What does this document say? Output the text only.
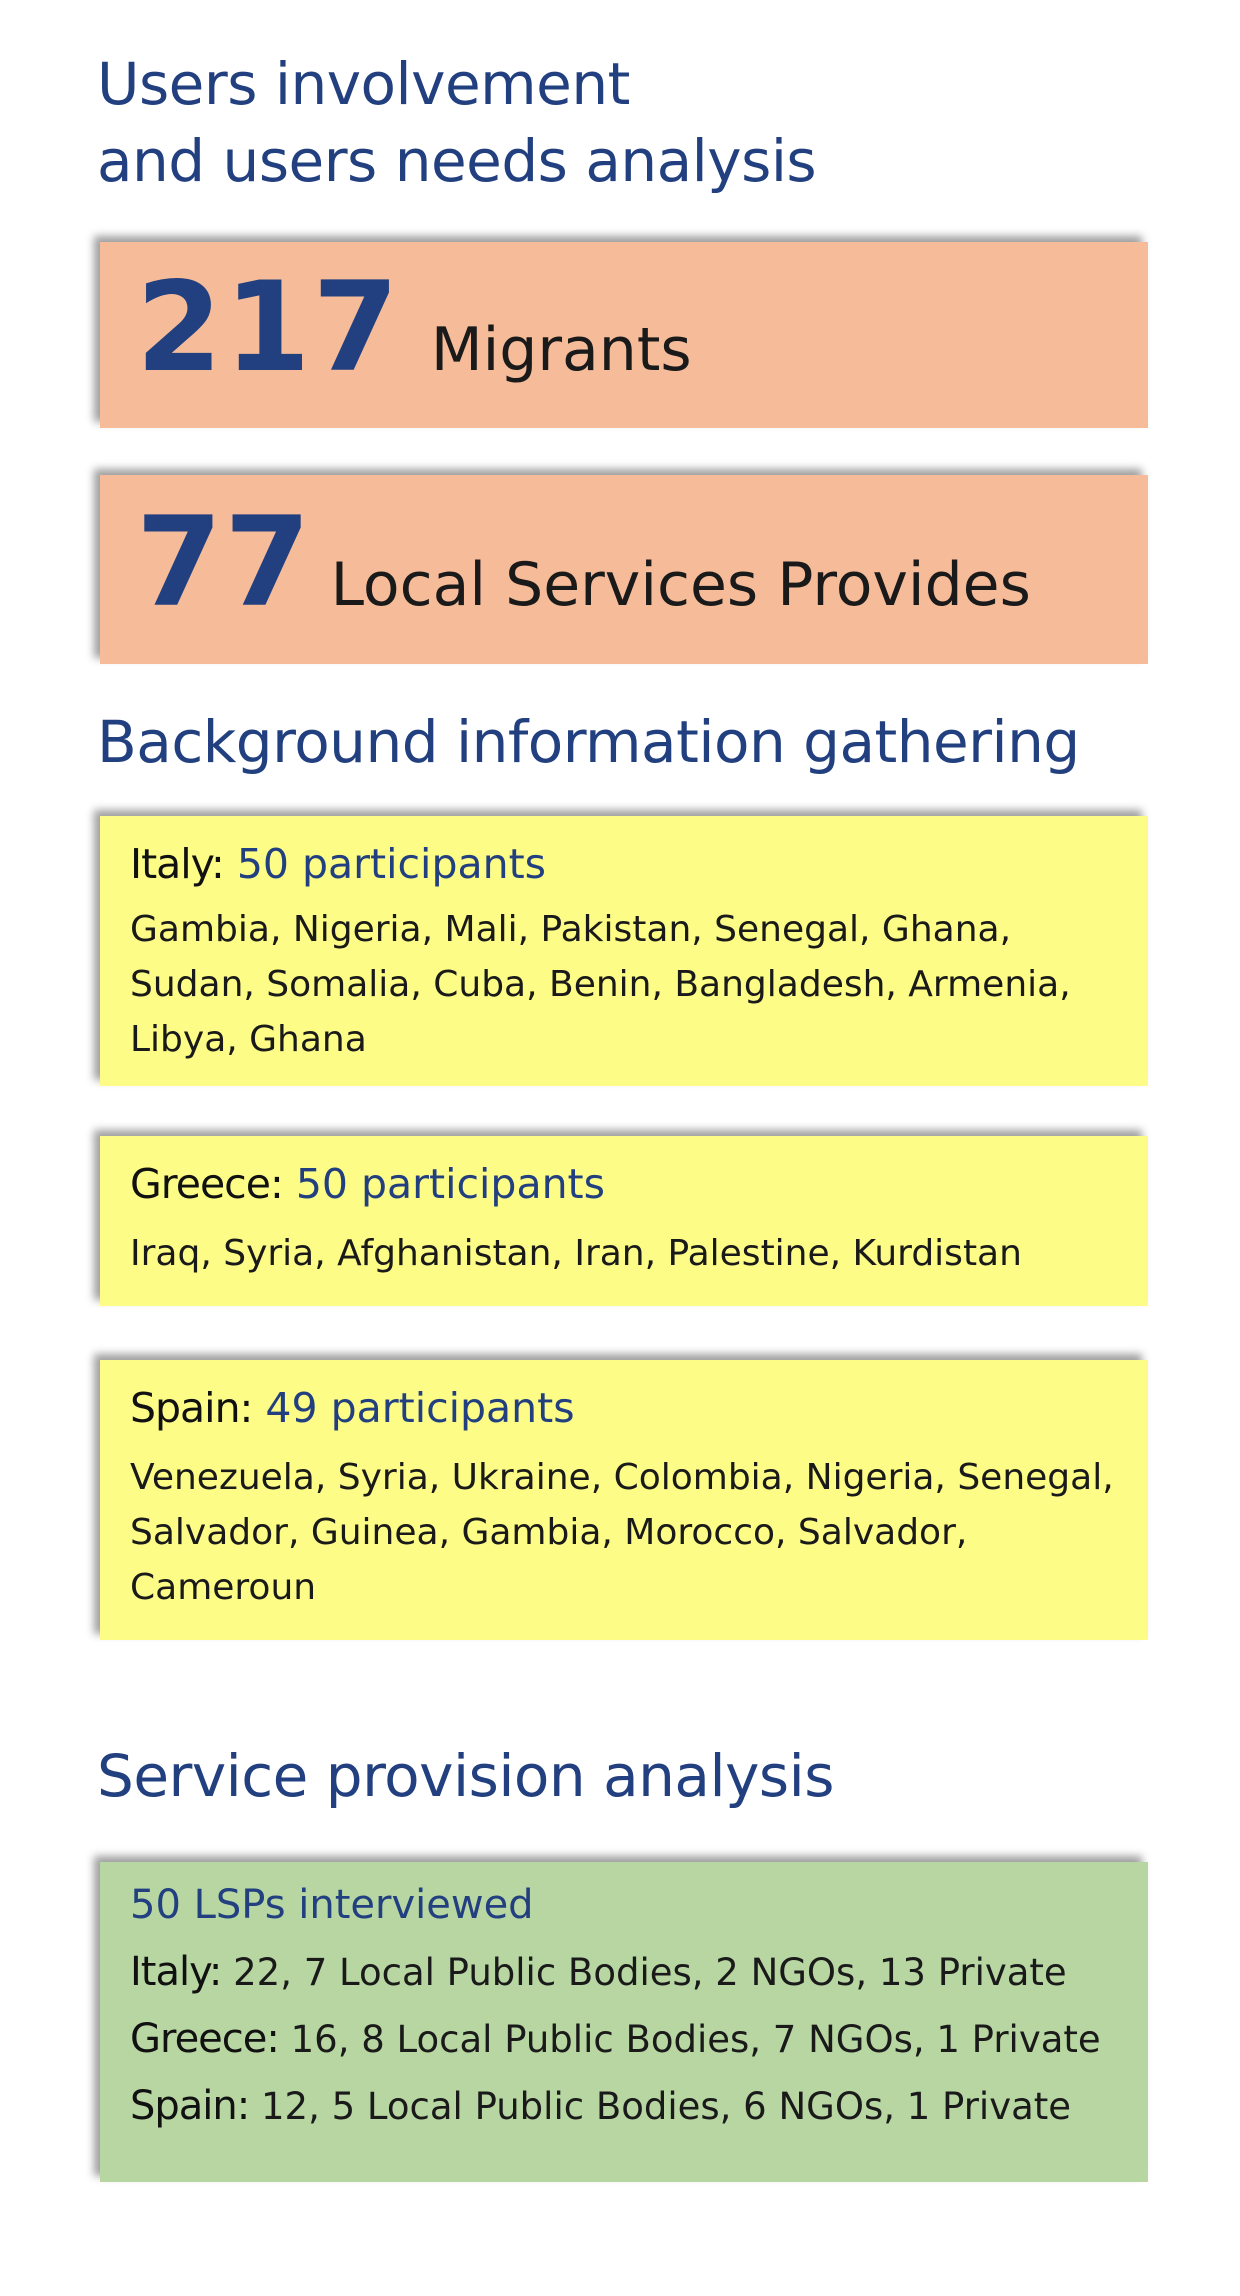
Users involvement
and users needs analysis
217 Migrants
77 Local Services Provides
Background information gathering
Italy: 50 participants
Gambia, Nigeria, Mali, Pakistan, Senegal, Ghana, Sudan, Somalia, Cuba, Benin, Bangladesh, Armenia, Libya, Ghana
Greece: 50 participants
Iraq, Syria, Afghanistan, Iran, Palestine, Kurdistan
Spain: 49 participants
Venezuela, Syria, Ukraine, Colombia, Nigeria, Senegal, Salvador, Guinea, Gambia, Morocco, Salvador, Cameroun
Service provision analysis
50 LSPs interviewed
Italy: 22, 7 Local Public Bodies, 2 NGOs, 13 Private
Greece: 16, 8 Local Public Bodies, 7 NGOs, 1 Private
Spain: 12, 5 Local Public Bodies, 6 NGOs, 1 Private
